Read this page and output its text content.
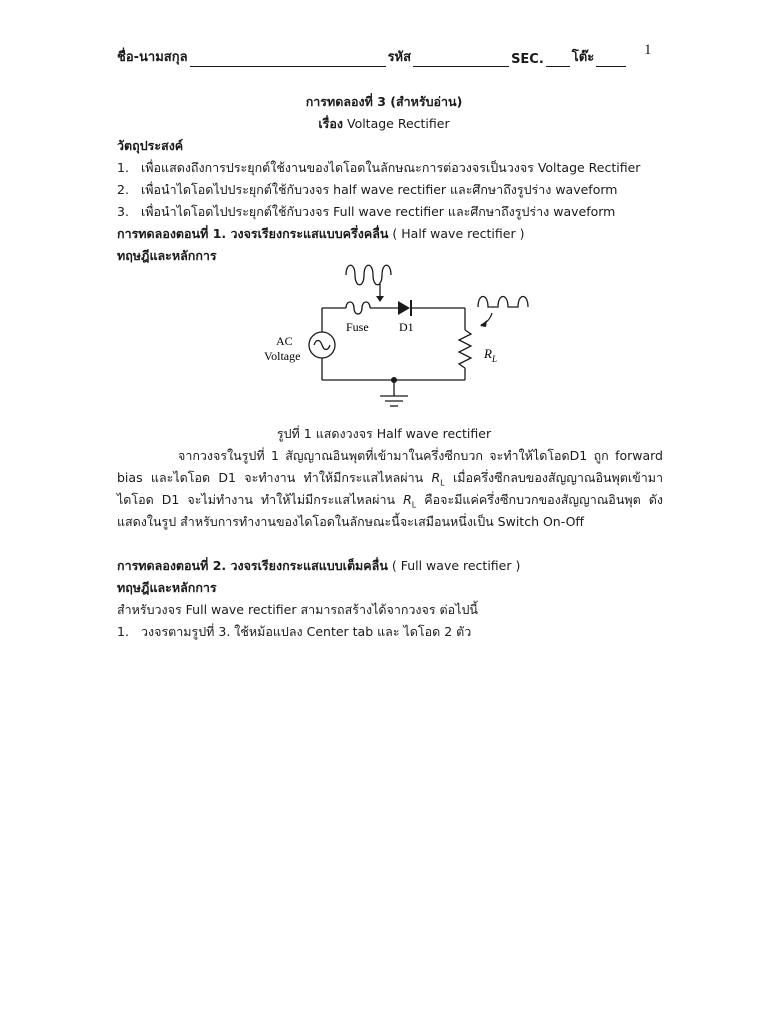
ชื่อ-นามสกุล	รหัส	SEC. โต๊ะ	1
การทดลองที่ 3 (สำหรับอ่าน)
เรื่อง Voltage Rectifier
วัตถุประสงค์
1. เพื่อแสดงถึงการประยุกต์ใช้งานของไดโอดในลักษณะการต่อวงจรเป็นวงจร Voltage Rectifier
2. เพื่อนำไดโอดไปประยุกต์ใช้กับวงจร half wave rectifier และศึกษาถึงรูปร่าง waveform
3. เพื่อนำไดโอดไปประยุกต์ใช้กับวงจร Full wave rectifier และศึกษาถึงรูปร่าง waveform
การทดลองตอนที่ 1. วงจรเรียงกระแสแบบครึ่งคลื่น ( Half wave rectifier )
ทฤษฎีและหลักการ
Fuse	D1
AC
Voltage	$R_L$
รูปที่ 1 แสดงวงจร Half wave rectifier
จากวงจรในรูปที่ 1 สัญญาณอินพุตที่เข้ามาในครึ่งซีกบวก จะทำให้ไดโอดD1 ถูก forward
bias และไดโอด D1 จะทำงาน ทำให้มีกระแสไหลผ่าน $R_L$ เมื่อครึ่งซีกลบของสัญญาณอินพุตเข้ามา
ไดโอด D1 จะไม่ทำงาน ทำให้ไม่มีกระแสไหลผ่าน $R_L$ คือจะมีแค่ครึ่งซีกบวกของสัญญาณอินพุต ดัง
แสดงในรูป สำหรับการทำงานของไดโอดในลักษณะนี้จะเสมือนหนึ่งเป็น Switch On-Off
การทดลองตอนที่ 2. วงจรเรียงกระแสแบบเต็มคลื่น ( Full wave rectifier )
ทฤษฎีและหลักการ
สำหรับวงจร Full wave rectifier สามารถสร้างได้จากวงจร ต่อไปนี้
1. วงจรตามรูปที่ 3. ใช้หม้อแปลง Center tab และ ไดโอด 2 ตัว
